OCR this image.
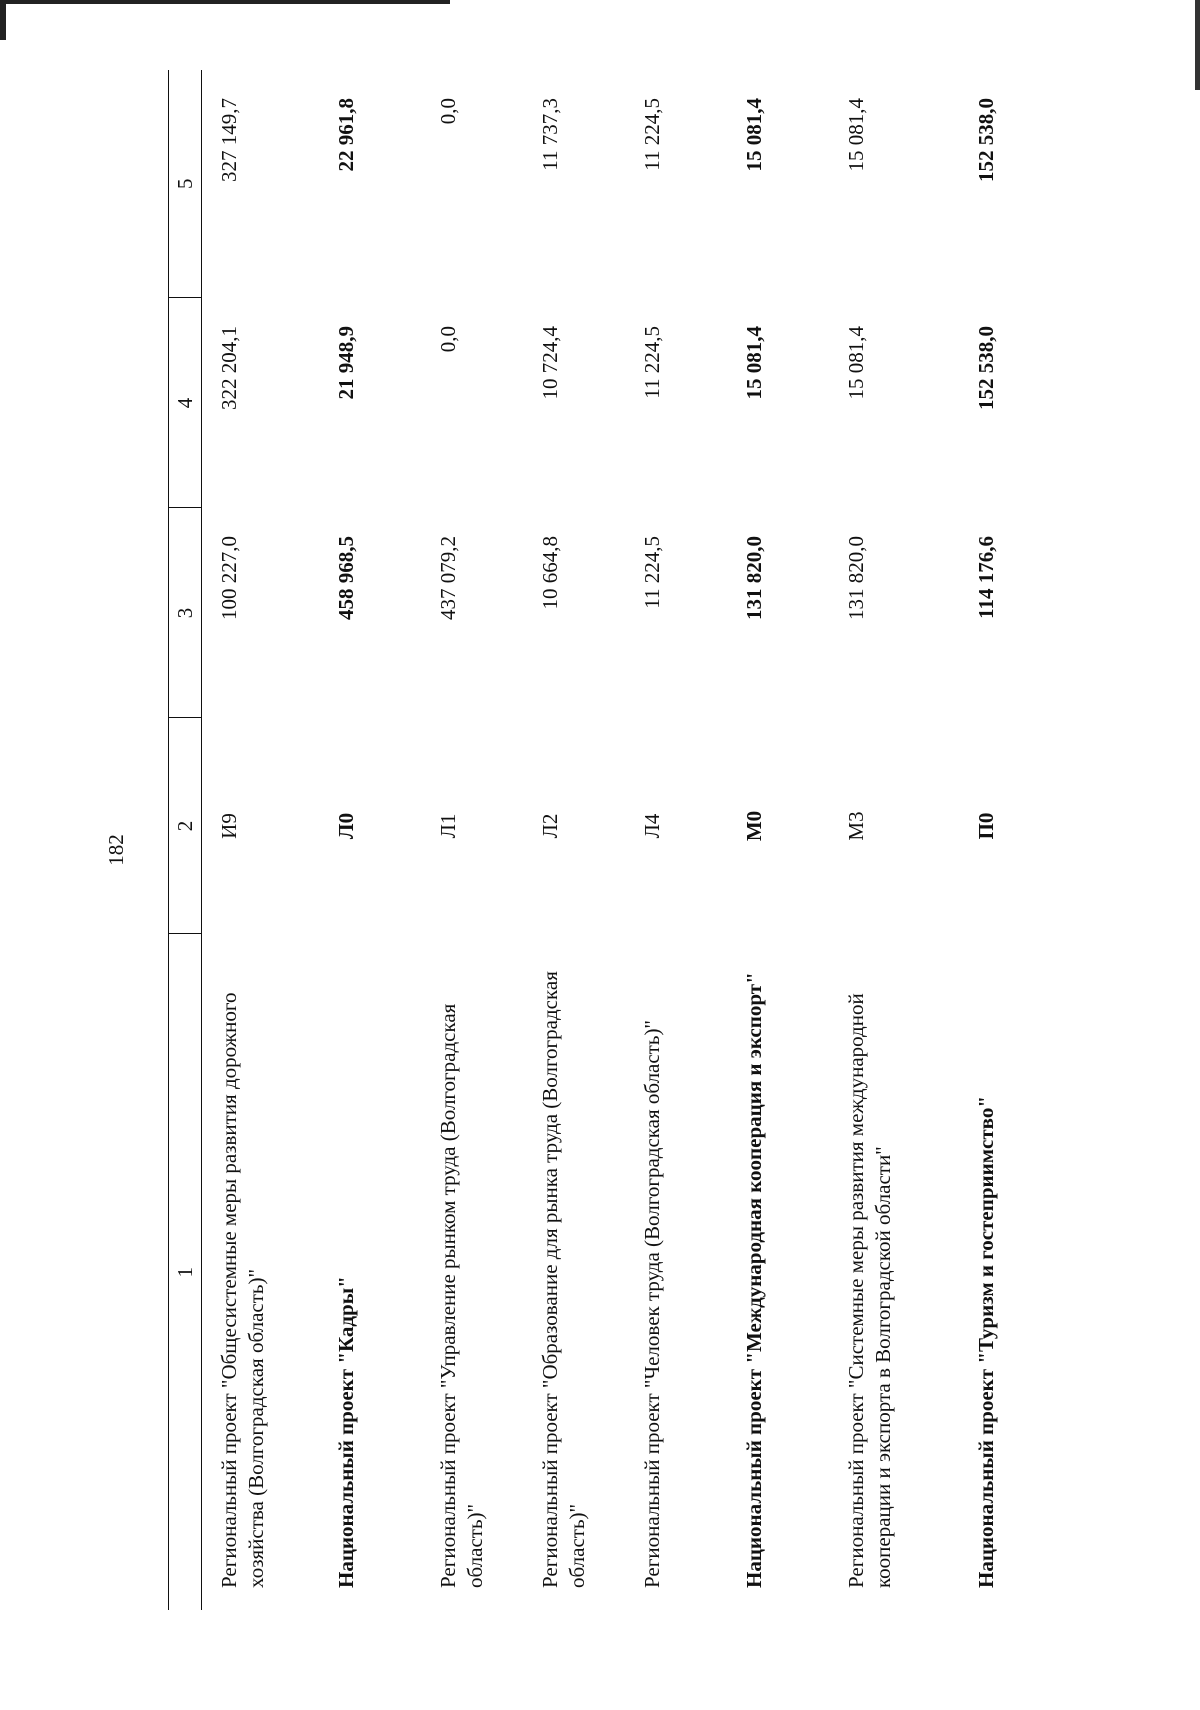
182
1	2	3	4	5
Региональный проект "Общесистемные меры развития дорожного хозяйства (Волгоградская область)"	И9	100 227,0	322 204,1	327 149,7
Национальный проект "Кадры"	Л0	458 968,5	21 948,9	22 961,8
Региональный проект "Управление рынком труда (Волгоградская область)"	Л1	437 079,2	0,0	0,0
Региональный проект "Образование для рынка труда (Волгоградская область)"	Л2	10 664,8	10 724,4	11 737,3
Региональный проект "Человек труда (Волгоградская область)"	Л4	11 224,5	11 224,5	11 224,5
Национальный проект "Международная кооперация и экспорт"	М0	131 820,0	15 081,4	15 081,4
Региональный проект "Системные меры развития международной кооперации и экспорта в Волгоградской области"	М3	131 820,0	15 081,4	15 081,4
Национальный проект "Туризм и гостеприимство"	П0	114 176,6	152 538,0	152 538,0
